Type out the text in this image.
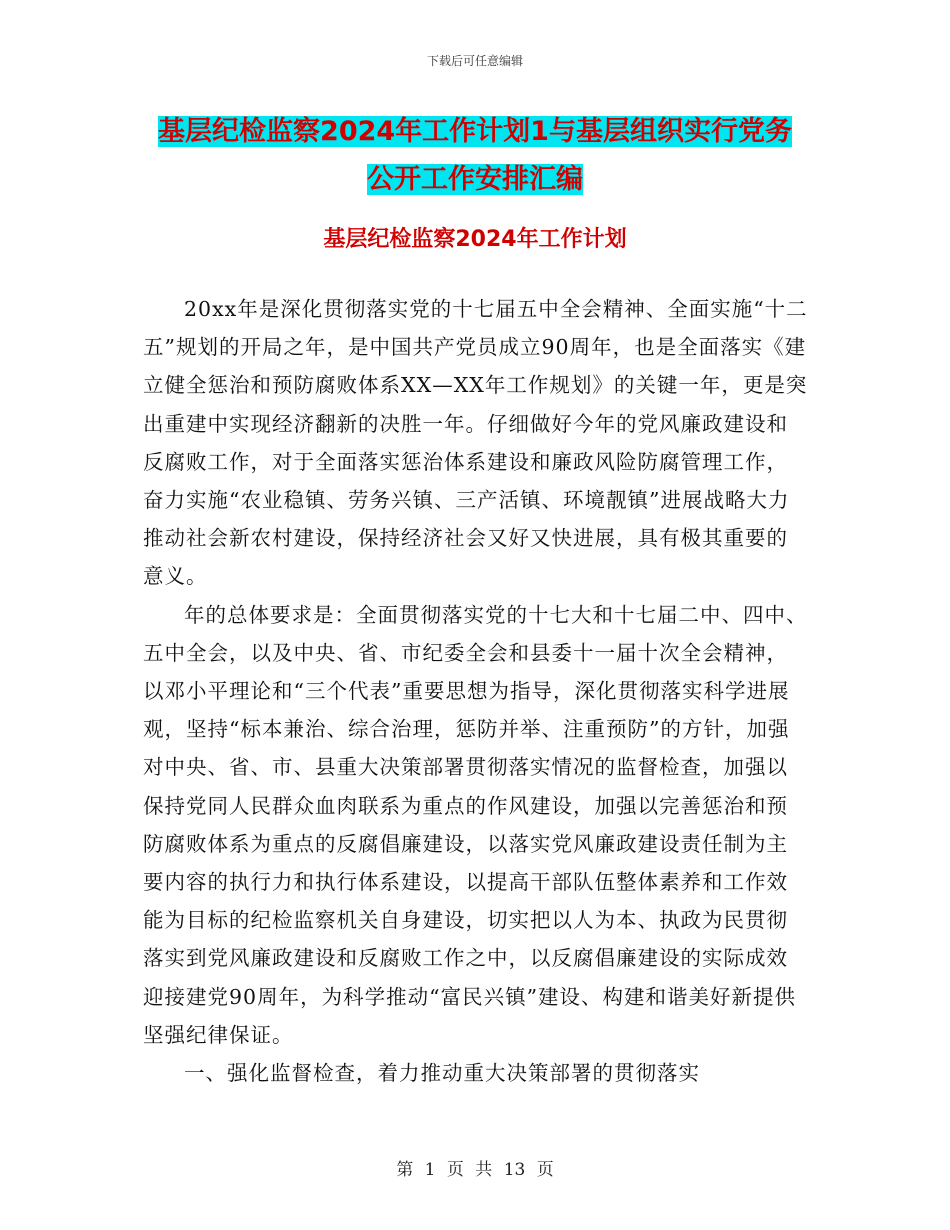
下载后可任意编辑
基层纪检监察2024年工作计划1与基层组织实行党务
公开工作安排汇编
基层纪检监察2024年工作计划

20xx年是深化贯彻落实党的十七届五中全会精神、全面实施“十二五”规划的开局之年，是中国共产党员成立90周年，也是全面落实《建立健全惩治和预防腐败体系XX—XX年工作规划》的关键一年，更是突出重建中实现经济翻新的决胜一年。仔细做好今年的党风廉政建设和反腐败工作，对于全面落实惩治体系建设和廉政风险防腐管理工作，奋力实施“农业稳镇、劳务兴镇、三产活镇、环境靓镇”进展战略大力推动社会新农村建设，保持经济社会又好又快进展，具有极其重要的意义。

年的总体要求是：全面贯彻落实党的十七大和十七届二中、四中、五中全会，以及中央、省、市纪委全会和县委十一届十次全会精神，以邓小平理论和“三个代表”重要思想为指导，深化贯彻落实科学进展观，坚持“标本兼治、综合治理，惩防并举、注重预防”的方针，加强对中央、省、市、县重大决策部署贯彻落实情况的监督检查，加强以保持党同人民群众血肉联系为重点的作风建设，加强以完善惩治和预防腐败体系为重点的反腐倡廉建设，以落实党风廉政建设责任制为主要内容的执行力和执行体系建设，以提高干部队伍整体素养和工作效能为目标的纪检监察机关自身建设，切实把以人为本、执政为民贯彻落实到党风廉政建设和反腐败工作之中，以反腐倡廉建设的实际成效迎接建党90周年，为科学推动“富民兴镇”建设、构建和谐美好新提供坚强纪律保证。

一、强化监督检查，着力推动重大决策部署的贯彻落实

第 1 页 共 13 页
